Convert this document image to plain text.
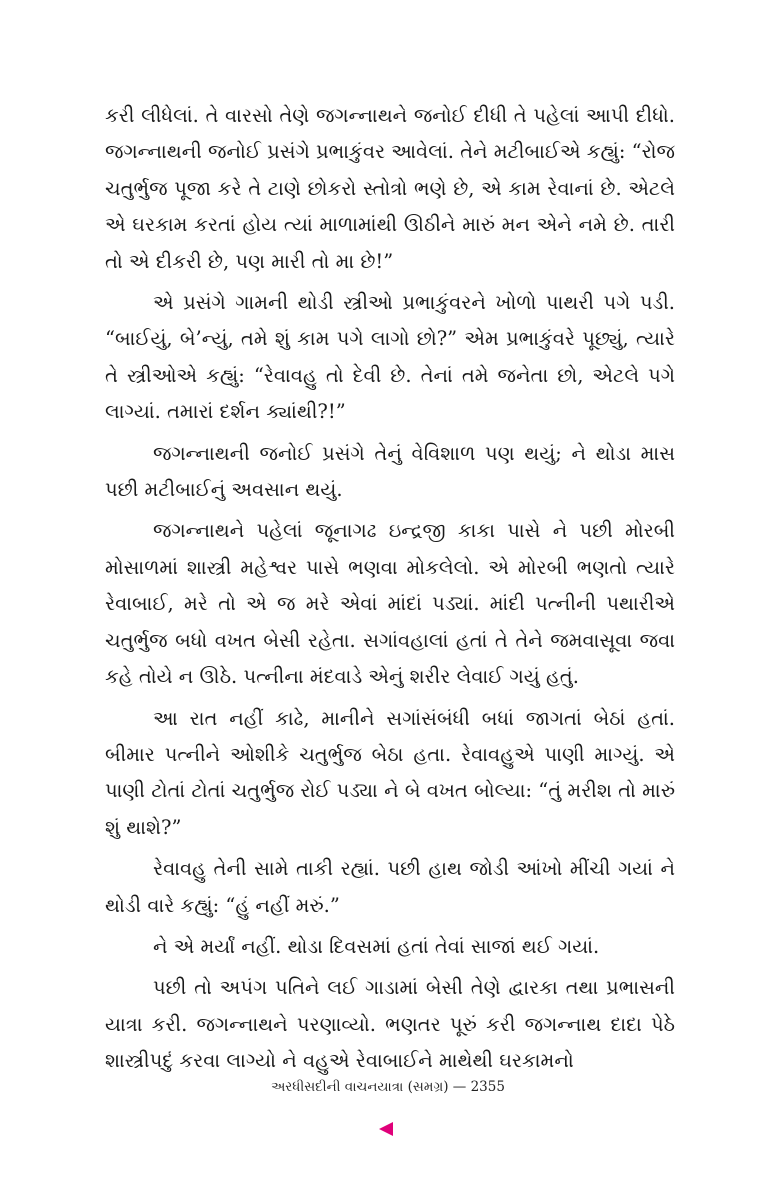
કરી લીધેલાં. તે વારસો તેણે જગન્નાથને જનોઈ દીધી તે પહેલાં આપી દીધો. જગન્નાથની જનોઈ પ્રસંગે પ્રભાકુંવર આવેલાં. તેને મટીબાઈએ કહ્યું: “રોજ ચતુર્ભુજ પૂજા કરે તે ટાણે છોકરો સ્તોત્રો ભણે છે, એ કામ રેવાનાં છે. એટલે એ ઘરકામ કરતાં હોય ત્યાં માળામાંથી ઊઠીને મારું મન એને નમે છે. તારી તો એ દીકરી છે, પણ મારી તો મા છે!”

એ પ્રસંગે ગામની થોડી સ્ત્રીઓ પ્રભાકુંવરને ખોળો પાથરી પગે પડી. “બાઈયું, બે’ન્યું, તમે શું કામ પગે લાગો છો?” એમ પ્રભાકુંવરે પૂછ્યું, ત્યારે તે સ્ત્રીઓએ કહ્યું: “રેવાવહુ તો દેવી છે. તેનાં તમે જનેતા છો, એટલે પગે લાગ્યાં. તમારાં દર્શન ક્યાંથી?!”

જગન્નાથની જનોઈ પ્રસંગે તેનું વેવિશાળ પણ થયું; ને થોડા માસ પછી મટીબાઈનું અવસાન થયું.

જગન્નાથને પહેલાં જૂનાગઢ ઇન્દ્રજી કાકા પાસે ને પછી મોરબી મોસાળમાં શાસ્ત્રી મહેશ્વર પાસે ભણવા મોકલેલો. એ મોરબી ભણતો ત્યારે રેવાબાઈ, મરે તો એ જ મરે એવાં માંદાં પડ્યાં. માંદી પત્નીની પથારીએ ચતુર્ભુજ બધો વખત બેસી રહેતા. સગાંવહાલાં હતાં તે તેને જમવાસૂવા જવા કહે તોયે ન ઊઠે. પત્નીના મંદવાડે એનું શરીર લેવાઈ ગયું હતું.

આ રાત નહીં કાઢે, માનીને સગાંસંબંધી બધાં જાગતાં બેઠાં હતાં. બીમાર પત્નીને ઓશીકે ચતુર્ભુજ બેઠા હતા. રેવાવહુએ પાણી માગ્યું. એ પાણી ટોતાં ટોતાં ચતુર્ભુજ રોઈ પડ્યા ને બે વખત બોલ્યા: “તું મરીશ તો મારું શું થાશે?”

રેવાવહુ તેની સામે તાકી રહ્યાં. પછી હાથ જોડી આંખો મીંચી ગયાં ને થોડી વારે કહ્યું: “હું નહીં મરું.”

ને એ મર્યાં નહીં. થોડા દિવસમાં હતાં તેવાં સાજાં થઈ ગયાં.

પછી તો અપંગ પતિને લઈ ગાડામાં બેસી તેણે દ્વારકા તથા પ્રભાસની યાત્રા કરી. જગન્નાથને પરણાવ્યો. ભણતર પૂરું કરી જગન્નાથ દાદા પેઠે શાસ્ત્રીપદું કરવા લાગ્યો ને વહુએ રેવાબાઈને માથેથી ઘરકામનો

અરધીસદીની વાચનયાત્રા (સમગ્ર) — 2355
